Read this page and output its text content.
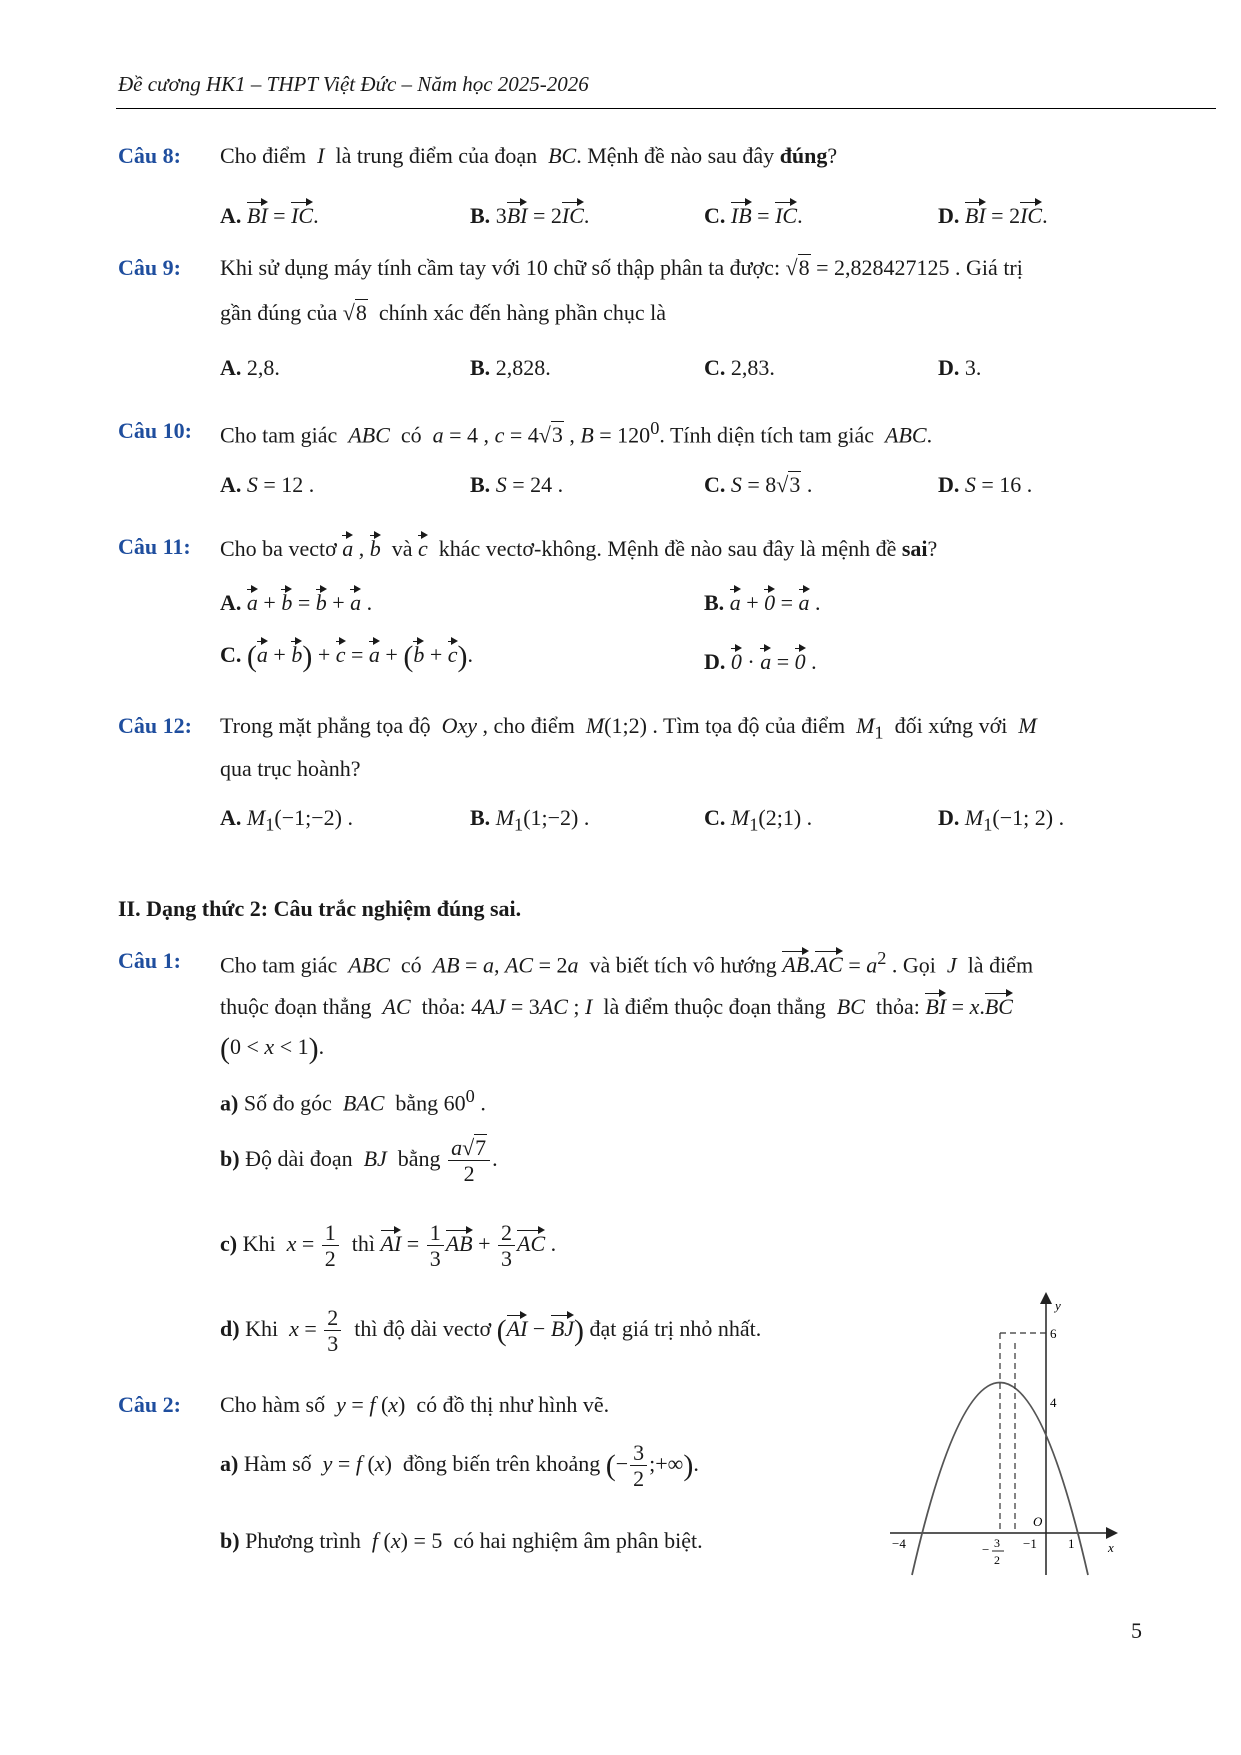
Đề cương HK1 – THPT Việt Đức – Năm học 2025-2026
Câu 8: Cho điểm  I  là trung điểm của đoạn  BC. Mệnh đề nào sau đây đúng?
A. BI = IC.	B. 3BI = 2IC.	C. IB = IC.	D. BI = 2IC.
Câu 9: Khi sử dụng máy tính cầm tay với 10 chữ số thập phân ta được: √8 = 2,828427125 . Giá trị
gần đúng của √8  chính xác đến hàng phần chục là
A. 2,8.	B. 2,828.	C. 2,83.	D. 3.
Câu 10: Cho tam giác  ABC  có  a = 4 , c = 4√3 , $B = 120^0$. Tính diện tích tam giác  ABC.
A. S = 12 .	B. S = 24 .	C. S = 8√3 .	D. S = 16 .
Câu 11: Cho ba vectơ a , b  và c  khác vectơ-không. Mệnh đề nào sau đây là mệnh đề sai?
A. a + b = b + a .	B. a + 0 = a .
C. (a + b) + c = a + (b + c).	D. 0 · a = 0 .
Câu 12: Trong mặt phẳng tọa độ  Oxy , cho điểm  M(1;2) . Tìm tọa độ của điểm  $M_1$  đối xứng với  M
qua trục hoành?
A. $M_1(-1;-2)$ .	B. $M_1(1;-2)$ .	C. $M_1(2;1)$ .	D. $M_1(-1$; 2) .
II. Dạng thức 2: Câu trắc nghiệm đúng sai.
Câu 1: Cho tam giác  ABC  có  AB = a, AC = 2a  và biết tích vô hướng $AB.AC = a^2$ . Gọi  J  là điểm
thuộc đoạn thẳng  AC  thỏa: 4AJ = 3AC ; I  là điểm thuộc đoạn thẳng  BC  thỏa: BI = x.BC
(0 < x < 1).
a) Số đo góc  BAC  bằng $60^0$ .
b) Độ dài đoạn  BJ  bằng $\frac{a√7}{2}$ .
c) Khi  $x = \frac{1}{2}$ thì AI = $\frac{1}{3}$ AB + $\frac{2}{3}$ AC .
d) Khi  $x = \frac{2}{3}$ thì độ dài vectơ (AI − BJ) đạt giá trị nhỏ nhất.
Câu 2: Cho hàm số  y = f (x)  có đồ thị như hình vẽ.
a) Hàm số  y = f (x)  đồng biến trên khoảng (− $\frac{3}{2}$ ;+∞).
b) Phương trình  f (x) = 5  có hai nghiệm âm phân biệt.
y
x
6
4
O
−4	−1 1
− 3
2
5
